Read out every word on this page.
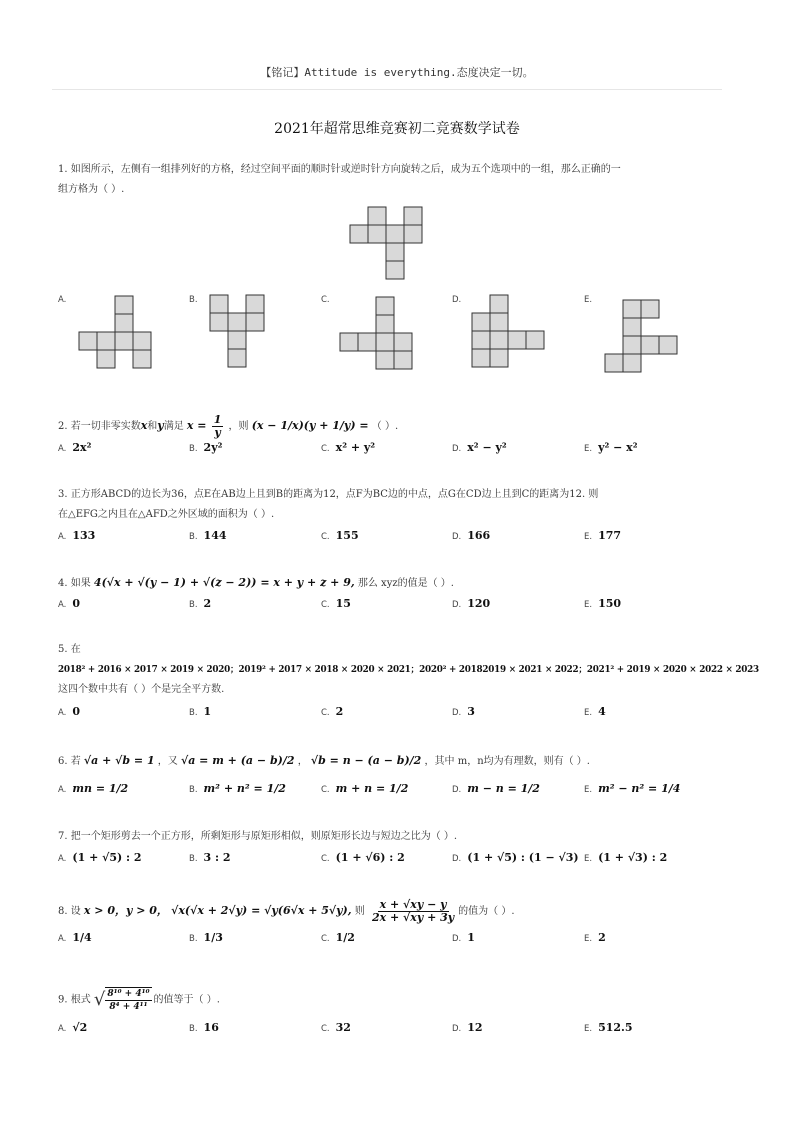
【铭记】Attitude is everything.态度决定一切。
2021年超常思维竞赛初二竞赛数学试卷
1. 如图所示，左侧有一组排列好的方格，经过空间平面的顺时针或逆时针方向旋转之后，成为五个选项中的一组，那么正确的一
组方格为（ ）.
A.	B.	C.	D.	E.
2. 若一切非零实数x和y满足 $x = \frac{1}{y}$ ，则 (x − 1/x)(y + 1/y) = （ ）.
A. 2x²	B. 2y²	C. x² + y²	D. x² − y²	E. y² − x²
3. 正方形ABCD的边长为36，点E在AB边上且到B的距离为12，点F为BC边的中点，点G在CD边上且到C的距离为12. 则
在△EFG之内且在△AFD之外区域的面积为（ ）.
A. 133	B. 144	C. 155	D. 166	E. 177
4. 如果 4(√x + √(y − 1) + √(z − 2)) = x + y + z + 9, 那么 xyz的值是（ ）.
A. 0	B. 2	C. 15	D. 120	E. 150
5. 在
2018² + 2016 × 2017 × 2019 × 2020；2019² + 2017 × 2018 × 2020 × 2021；2020² + 20182019 × 2021 × 2022；2021² + 2019 × 2020 × 2022 × 2023
这四个数中共有（ ）个是完全平方数.
A. 0	B. 1	C. 2	D. 3	E. 4
6. 若 √a + √b = 1 ，又 √a = m + (a − b)/2 ， √b = n − (a − b)/2 ，其中 m，n均为有理数，则有（ ）.
A. mn = 1/2	B. m² + n² = 1/2	C. m + n = 1/2	D. m − n = 1/2	E. m² − n² = 1/4
7. 把一个矩形剪去一个正方形，所剩矩形与原矩形相似，则原矩形长边与短边之比为（ ）.
A. (1 + √5) : 2	B. 3 : 2	C. (1 + √6) : 2	D. (1 + √5) : (1 − √3) E. (1 + √3) : 2
8. 设 x > 0，y > 0， √x(√x + 2√y) = √y(6√x + 5√y), 则 $\frac{x + √xy - y}{2x + √xy + 3y}$ 的值为（ ）.
A. 1/4	B. 1/3	C. 1/2	D. 1	E. 2
9. 根式 √ $\frac{\text{8¹⁰ + 4¹⁰}}{\text{8⁴ + 4¹¹}}$ 的值等于（ ）.
A. √2	B. 16	C. 32	D. 12	E. 512.5
